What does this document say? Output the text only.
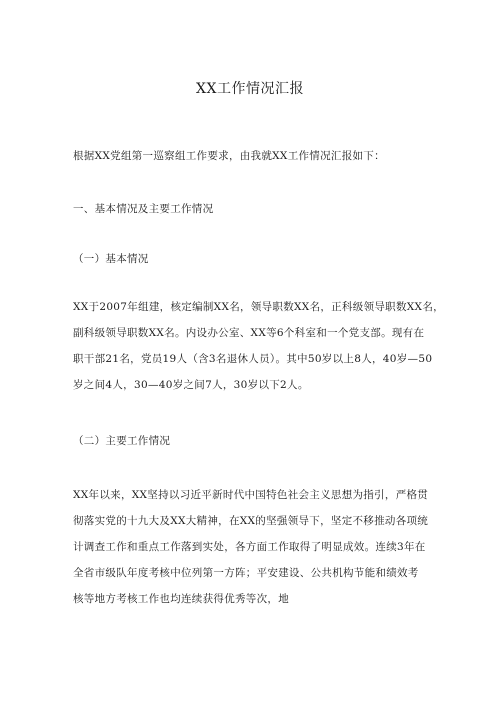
XX工作情况汇报
根据XX党组第一巡察组工作要求，由我就XX工作情况汇报如下：
一、基本情况及主要工作情况
（一）基本情况
XX于2007年组建，核定编制XX名，领导职数XX名，正科级领导职数XX名，
副科级领导职数XX名。内设办公室、XX等6个科室和一个党支部。现有在
职干部21名，党员19人（含3名退休人员）。其中50岁以上8人，40岁—50
岁之间4人，30—40岁之间7人，30岁以下2人。
（二）主要工作情况
XX年以来，XX坚持以习近平新时代中国特色社会主义思想为指引，严格贯
彻落实党的十九大及XX大精神，在XX的坚强领导下，坚定不移推动各项统
计调查工作和重点工作落到实处，各方面工作取得了明显成效。连续3年在
全省市级队年度考核中位列第一方阵；平安建设、公共机构节能和绩效考
核等地方考核工作也均连续获得优秀等次，地
